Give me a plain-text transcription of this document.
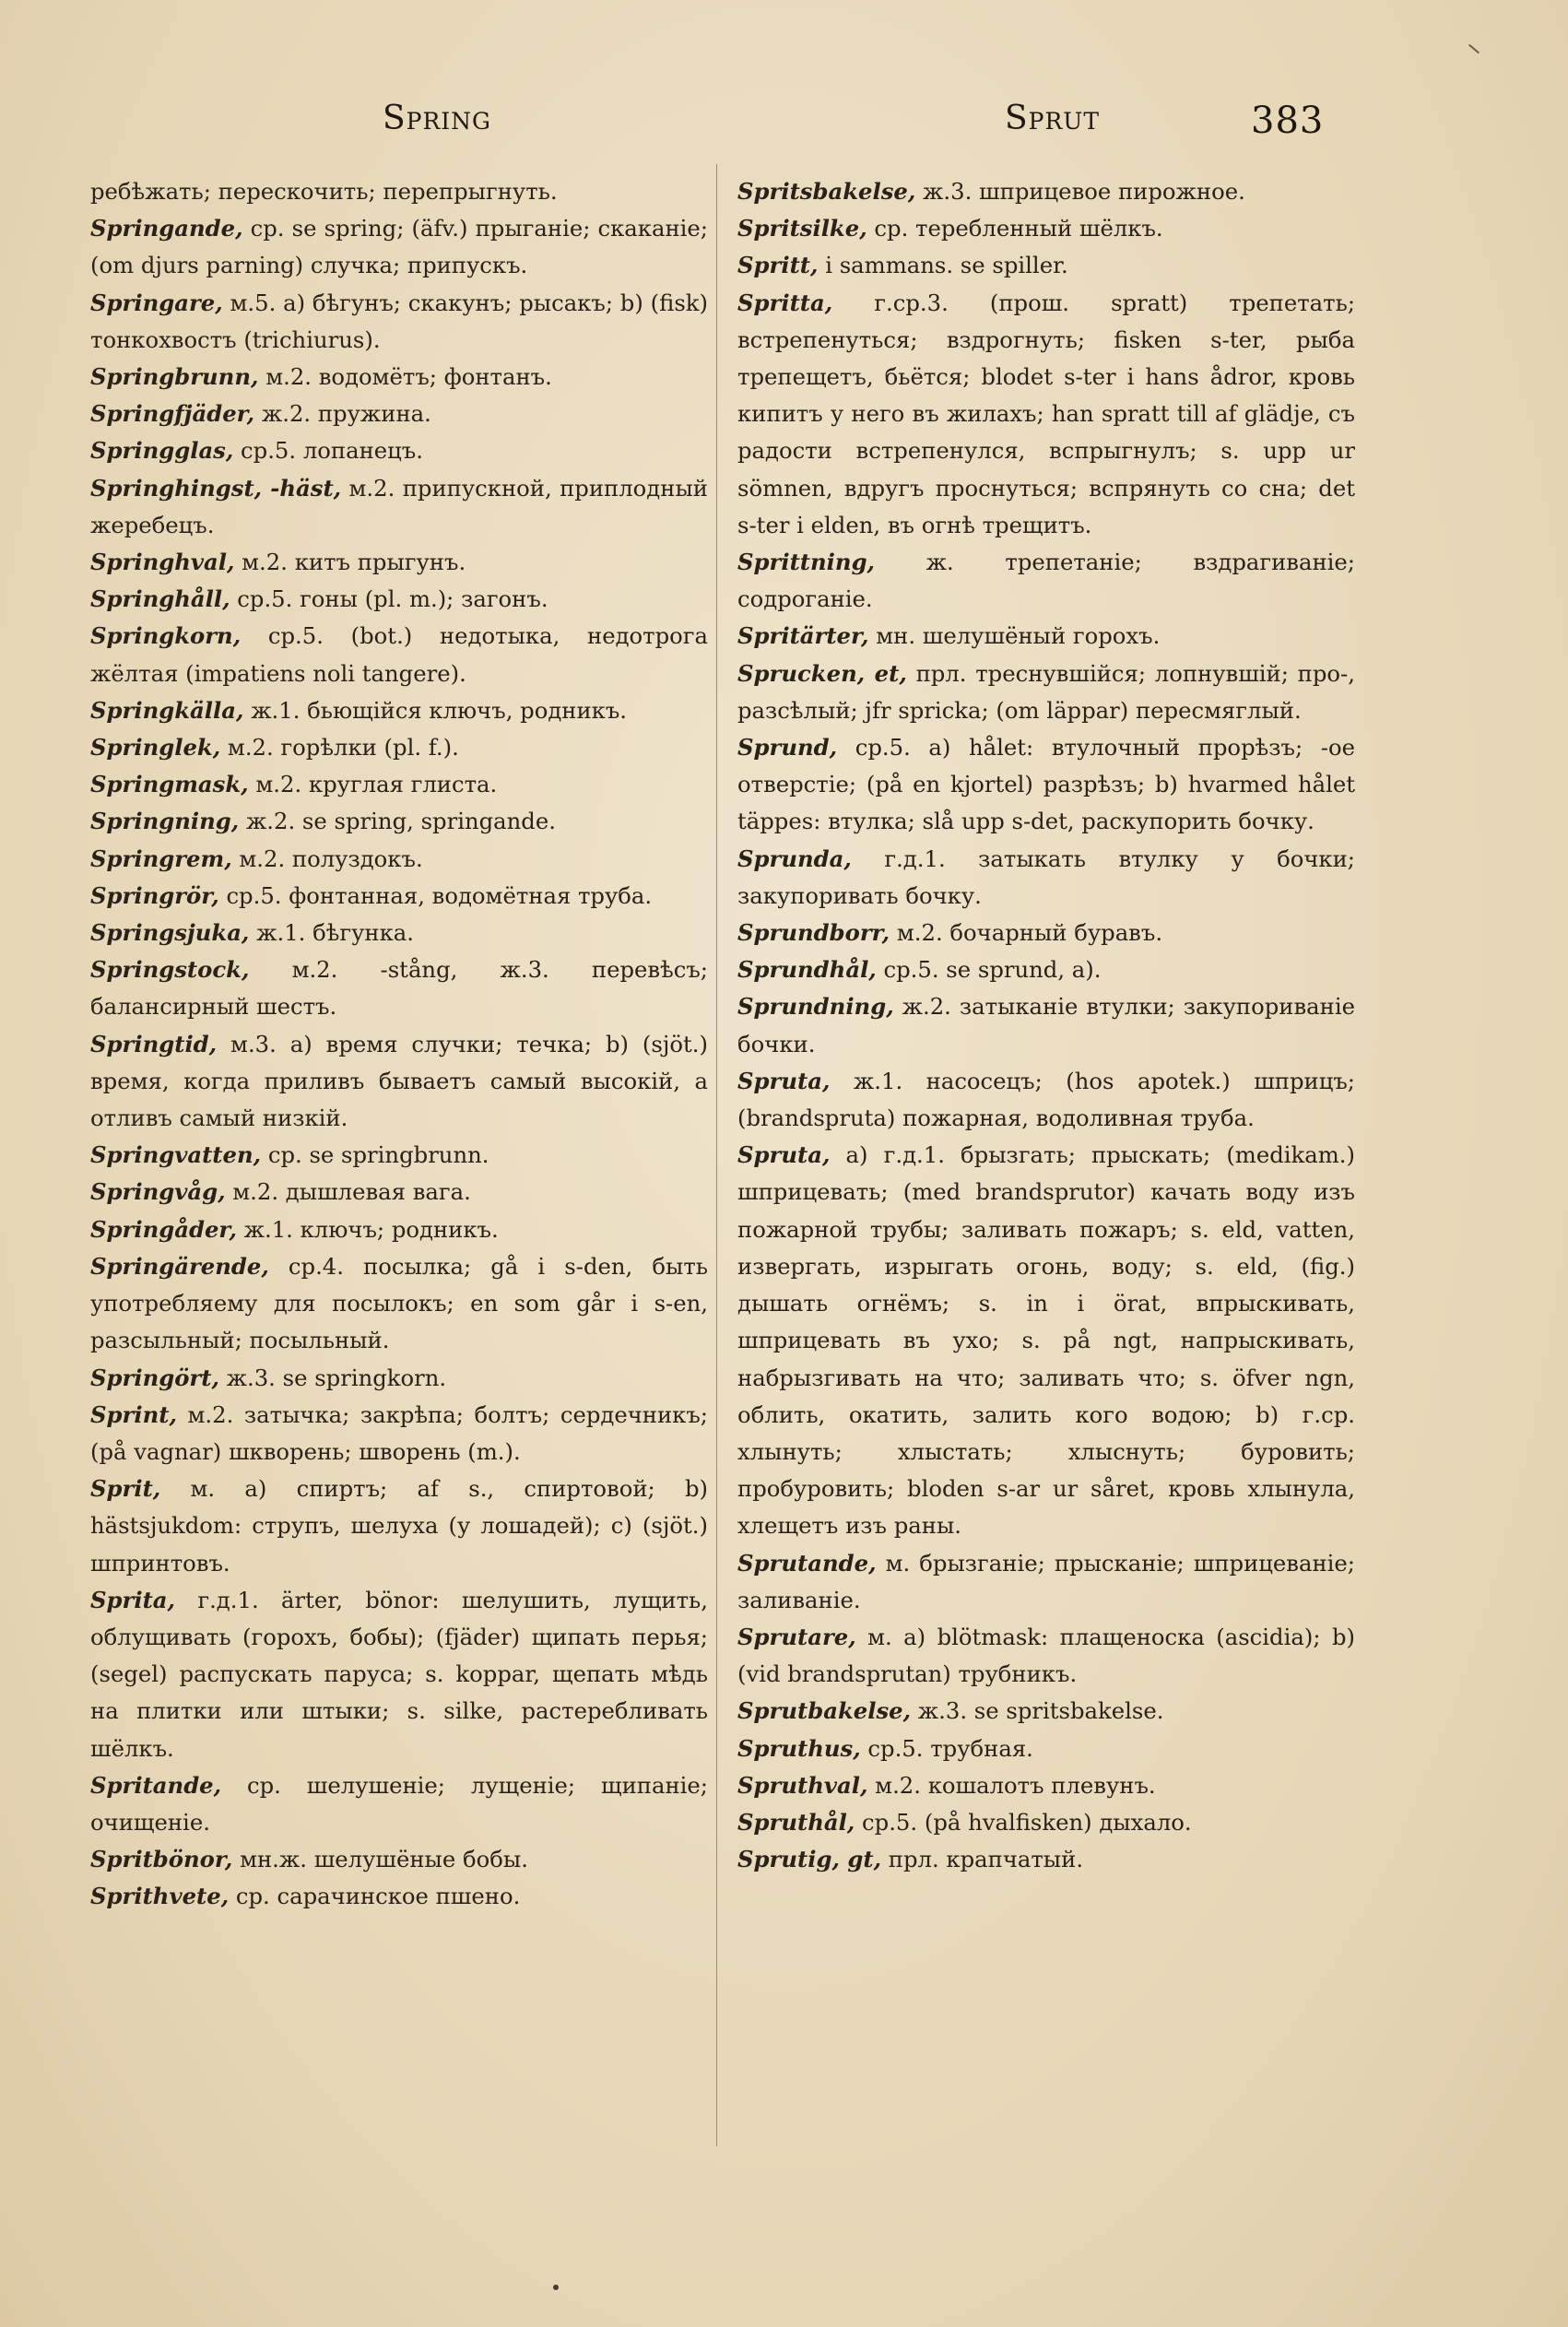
Spring	Sprut	383
ребѣжать; перескочить; перепрыгнуть.
Springande, ср. se spring; (äfv.) прыганіе; скаканіе; (om djurs parning) случка; припускъ.
Springare, м.5. a) бѣгунъ; скакунъ; рысакъ; b) (fisk) тонкохвостъ (trichiurus).
Springbrunn, м.2. водомётъ; фонтанъ.
Springfjäder, ж.2. пружина.
Springglas, ср.5. лопанецъ.
Springhingst, -häst, м.2. припускной, приплодный жеребецъ.
Springhval, м.2. китъ прыгунъ.
Springhåll, ср.5. гоны (pl. m.); загонъ.
Springkorn, ср.5. (bot.) недотыка, недотрога жёлтая (impatiens noli tangere).
Springkälla, ж.1. бьющійся ключъ, родникъ.
Springlek, м.2. горѣлки (pl. f.).
Springmask, м.2. круглая глиста.
Springning, ж.2. se spring, springande.
Springrem, м.2. полуздокъ.
Springrör, ср.5. фонтанная, водомётная труба.
Springsjuka, ж.1. бѣгунка.
Springstock, м.2. -stång, ж.3. перевѣсъ; балансирный шестъ.
Springtid, м.3. a) время случки; течка; b) (sjöt.) время, когда приливъ бываетъ самый высокій, а отливъ самый низкій.
Springvatten, ср. se springbrunn.
Springvåg, м.2. дышлевая вага.
Springåder, ж.1. ключъ; родникъ.
Springärende, ср.4. посылка; gå i s-den, быть употребляему для посылокъ; en som går i s-en, разсыльный; посыльный.
Springört, ж.3. se springkorn.
Sprint, м.2. затычка; закрѣпа; болтъ; сердечникъ; (på vagnar) шкворень; шворень (m.).
Sprit, м. a) спиртъ; af s., спиртовой; b) hästsjukdom: струпъ, шелуха (у лошадей); c) (sjöt.) шпринтовъ.
Sprita, г.д.1. ärter, bönor: шелушить, лущить, облущивать (горохъ, бобы); (fjäder) щипать перья; (segel) распускать паруса; s. koppar, щепать мѣдь на плитки или штыки; s. silke, растеребливать шёлкъ.
Spritande, ср. шелушеніе; лущеніе; щипаніе; очищеніе.
Spritbönor, мн.ж. шелушёные бобы.
Sprithvete, ср. сарачинское пшено.
Spritsbakelse, ж.3. шприцевое пирожное.
Spritsilke, ср. теребленный шёлкъ.
Spritt, i sammans. se spiller.
Spritta, г.ср.3. (прош. spratt) трепетать; встрепенуться; вздрогнуть; fisken s-ter, рыба трепещетъ, бьётся; blodet s-ter i hans ådror, кровь кипитъ у него въ жилахъ; han spratt till af glädje, съ радости встрепенулся, вспрыгнулъ; s. upp ur sömnen, вдругъ проснуться; вспрянуть со сна; det s-ter i elden, въ огнѣ трещитъ.
Sprittning, ж. трепетаніе; вздрагиваніе; содроганіе.
Spritärter, мн. шелушёный горохъ.
Sprucken, et, прл. треснувшійся; лопнувшій; про-, разсѣлый; jfr spricka; (om läppar) пересмяглый.
Sprund, ср.5. a) hålet: втулочный прорѣзъ; -ое отверстіе; (på en kjortel) разрѣзъ; b) hvarmed hålet täppes: втулка; slå upp s-det, раскупорить бочку.
Sprunda, г.д.1. затыкать втулку у бочки; закупоривать бочку.
Sprundborr, м.2. бочарный буравъ.
Sprundhål, ср.5. se sprund, a).
Sprundning, ж.2. затыканіе втулки; закупориваніе бочки.
Spruta, ж.1. насосецъ; (hos apotek.) шприцъ; (brandspruta) пожарная, водоливная труба.
Spruta, a) г.д.1. брызгать; прыскать; (medikam.) шприцевать; (med brandsprutor) качать воду изъ пожарной трубы; заливать пожаръ; s. eld, vatten, извергать, изрыгать огонь, воду; s. eld, (fig.) дышать огнёмъ; s. in i örat, впрыскивать, шприцевать въ ухо; s. på ngt, напрыскивать, набрызгивать на что; заливать что; s. öfver ngn, облить, окатить, залить кого водою; b) г.ср. хлынуть; хлыстать; хлыснуть; буровить; пробуровить; bloden s-ar ur såret, кровь хлынула, хлещетъ изъ раны.
Sprutande, м. брызганіе; прысканіе; шприцеваніе; заливаніе.
Sprutare, м. a) blötmask: плащеноска (ascidia); b) (vid brandsprutan) трубникъ.
Sprutbakelse, ж.3. se spritsbakelse.
Spruthus, ср.5. трубная.
Spruthval, м.2. кошалотъ плевунъ.
Spruthål, ср.5. (på hvalfisken) дыхало.
Sprutig, gt, прл. крапчатый.
